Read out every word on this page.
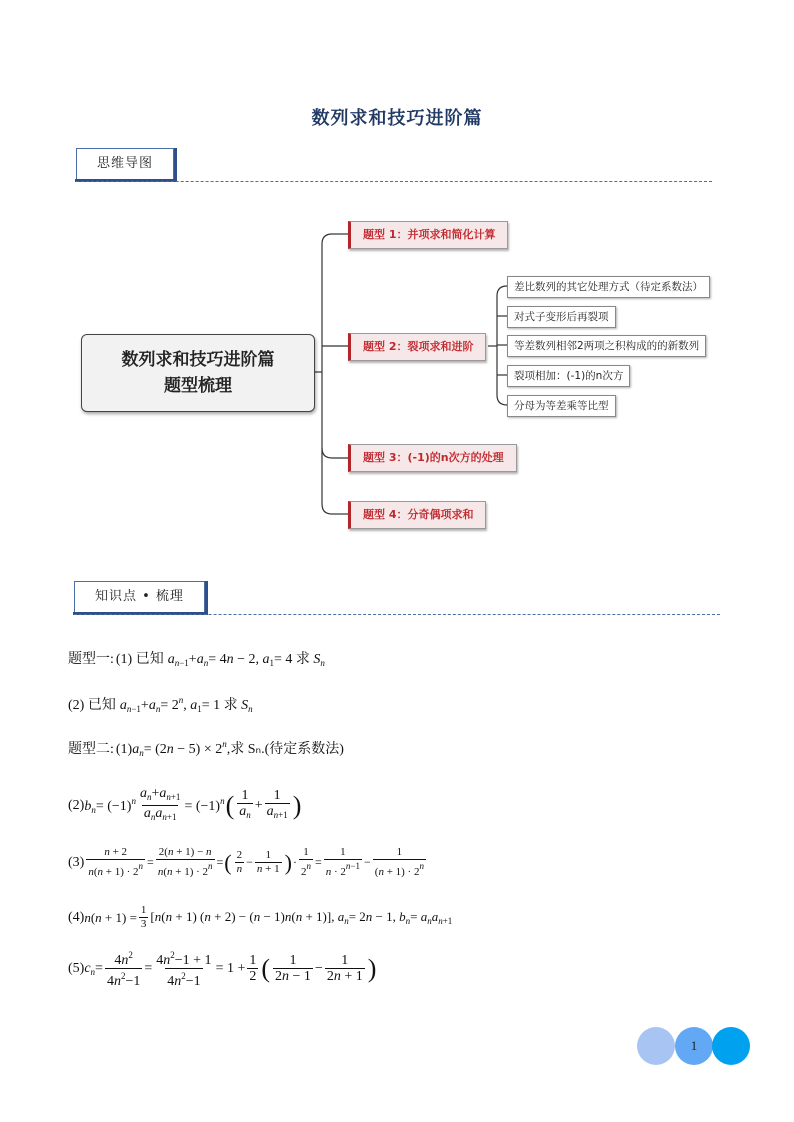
数列求和技巧进阶篇
思维导图
数列求和技巧进阶篇
题型梳理
题型 1：并项求和简化计算
题型 2：裂项求和进阶
题型 3：(-1)的n次方的处理
题型 4：分奇偶项求和
差比数列的其它处理方式（待定系数法）
对式子变形后再裂项
等差数列相邻2两项之积构成的的新数列
裂项相加：(-1)的n次方
分母为等差乘等比型
知识点 • 梳理
题型一: (1) 已知 $a_{n-1}+a_n= 4n - 2$, $a_1= 4$ 求 $S_n$
(2) 已知 $a_{n-1}+a_n= 2^n$, $a_1= 1$ 求 $S_n$
题型二: $(1)a_n= (2n - 5) \times 2^n$ ,求 Sₙ.(待定系数法)
(2) $b_n= (-1)^n \frac{a_n+a_{n+1}}{a_na_{n+1}} = (-1)^n$ ( $\frac{1}{a_n} + \frac{1}{a_{n+1}}$ )
$(3) \frac{n + 2}{n(n + 1) \cdot 2^n} = \frac{2(n + 1) - n}{n(n + 1) \cdot 2^n}$ = ( $\frac{2}{n} - \frac{1}{n + 1}$ ) · $\frac{1}{2^n} = \frac{1}{n \cdot 2^{n-1}} - \frac{1}{(n + 1) \cdot 2^n}$
(4) $n(n + 1) = \frac{1}{3} [n(n + 1) (n + 2) - (n - 1)n(n + 1)]$, $a_n= 2n - 1$, $b_n= a_na_{n+1}$
(5) $c_n= \frac{4n^2}{4n^2-1} = \frac{4n^2-1 + 1}{4n^2-1} = 1 + \frac{1}{2}$ ( $\frac{1}{2n - 1} - \frac{1}{2n + 1}$ )
1
